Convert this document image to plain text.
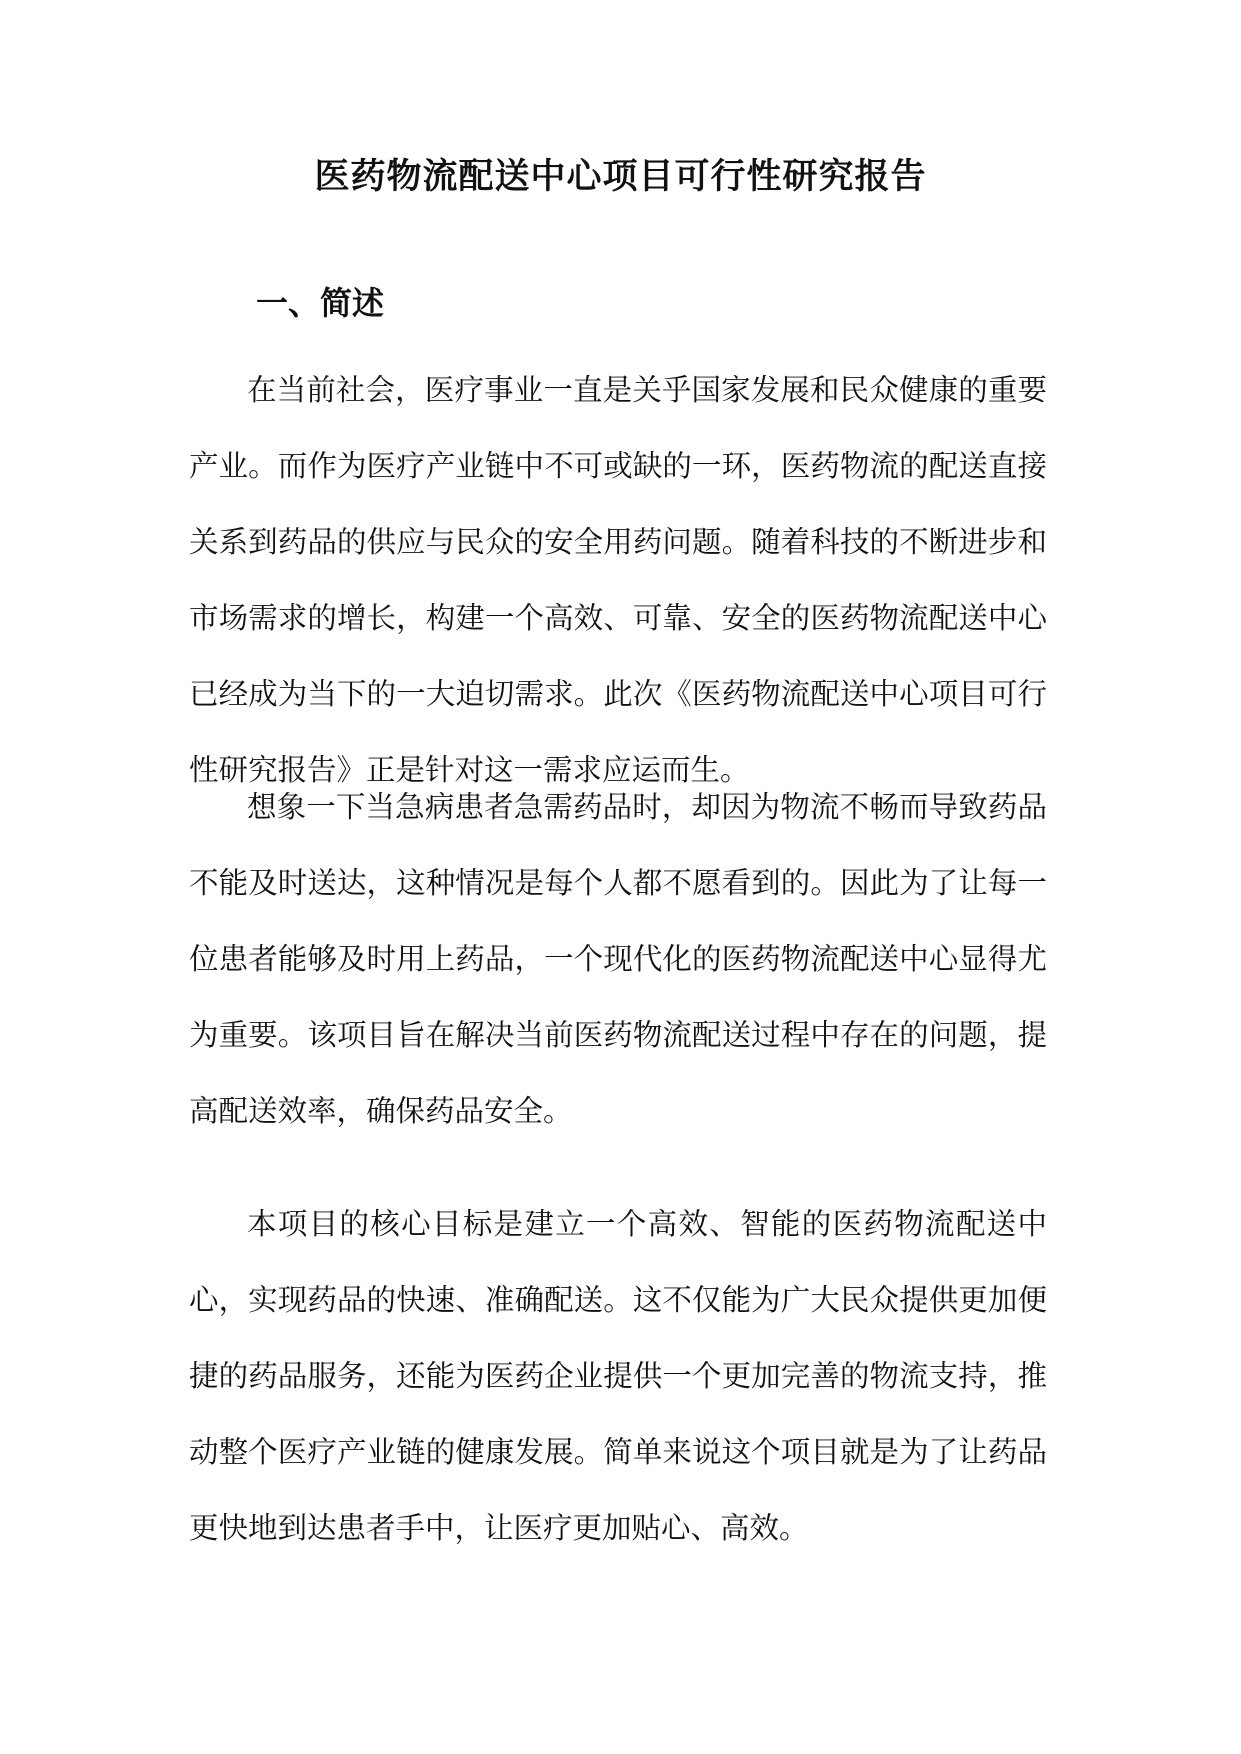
医药物流配送中心项目可行性研究报告
一、简述

在当前社会，医疗事业一直是关乎国家发展和民众健康的重要产业。而作为医疗产业链中不可或缺的一环，医药物流的配送直接关系到药品的供应与民众的安全用药问题。随着科技的不断进步和市场需求的增长，构建一个高效、可靠、安全的医药物流配送中心已经成为当下的一大迫切需求。此次《医药物流配送中心项目可行性研究报告》正是针对这一需求应运而生。

想象一下当急病患者急需药品时，却因为物流不畅而导致药品不能及时送达，这种情况是每个人都不愿看到的。因此为了让每一位患者能够及时用上药品，一个现代化的医药物流配送中心显得尤为重要。该项目旨在解决当前医药物流配送过程中存在的问题，提高配送效率，确保药品安全。

本项目的核心目标是建立一个高效、智能的医药物流配送中心，实现药品的快速、准确配送。这不仅能为广大民众提供更加便捷的药品服务，还能为医药企业提供一个更加完善的物流支持，推动整个医疗产业链的健康发展。简单来说这个项目就是为了让药品更快地到达患者手中，让医疗更加贴心、高效。
